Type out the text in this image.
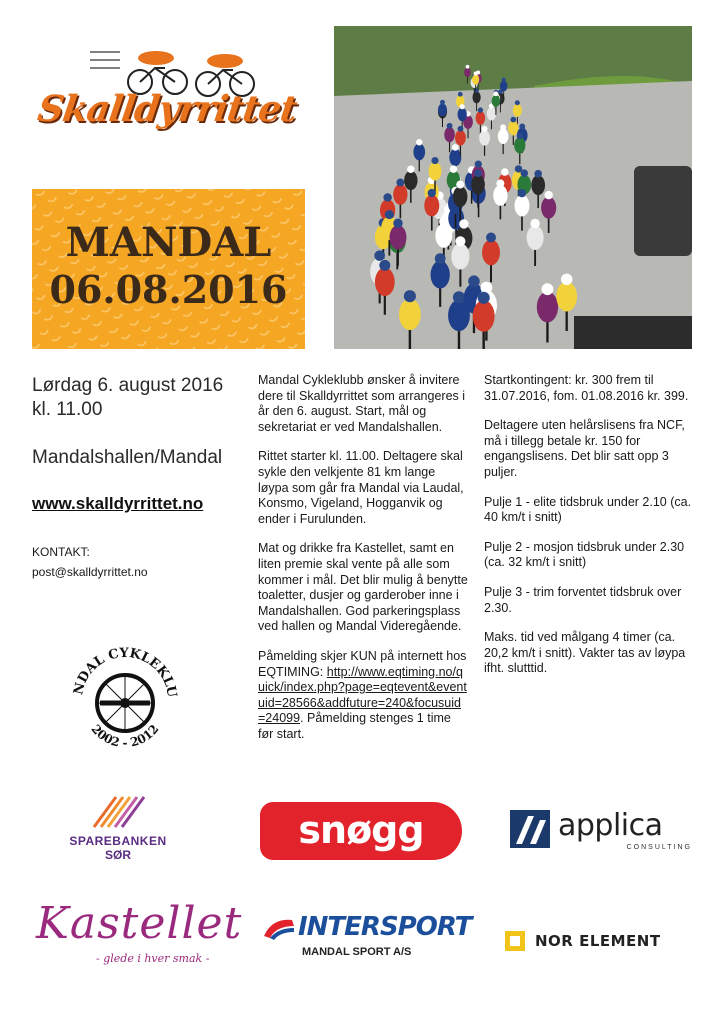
Skalldyrrittet
MANDAL
06.08.2016
Lørdag 6. august 2016
kl. 11.00
Mandalshallen/Mandal
www.skalldyrrittet.no
KONTAKT:
post@skalldyrrittet.no
NDAL CYKLEKLU
2002 - 2012

Mandal Cykleklubb ønsker å invitere dere til Skalldyrrittet som arrangeres i år den 6. august. Start, mål og sekretariat er ved Mandalshallen.

Rittet starter kl. 11.00. Deltagere skal sykle den velkjente 81 km lange løypa som går fra Mandal via Laudal, Konsmo, Vigeland, Hogganvik og ender i Furulunden.

Mat og drikke fra Kastellet, samt en liten premie skal vente på alle som kommer i mål. Det blir mulig å benytte toaletter, dusjer og garderober inne i Mandalshallen. God parkeringsplass ved hallen og Mandal Videregående.

Påmelding skjer KUN på internett hos EQTIMING: http://www.eqtiming.no/quick/index.php?page=eqtevent&eventuid=28566&addfuture=240&focusuid=24099. Påmelding stenges 1 time før start.

Startkontingent: kr. 300 frem til 31.07.2016, fom. 01.08.2016 kr. 399.

Deltagere uten helårslisens fra NCF, må i tillegg betale kr. 150 for engangslisens. Det blir satt opp 3 puljer.

Pulje 1 - elite tidsbruk under 2.10 (ca. 40 km/t i snitt)

Pulje 2 - mosjon tidsbruk under 2.30 (ca. 32 km/t i snitt)

Pulje 3 - trim forventet tidsbruk over 2.30.

Maks. tid ved målgang 4 timer (ca. 20,2 km/t i snitt). Vakter tas av løypa ifht. slutttid.

SPAREBANKEN
SØR
snøgg	applica
CONSULTING
Kastellet
- glede i hver smak -
INTERSPORT
MANDAL SPORT A/S
NOR ELEMENT
